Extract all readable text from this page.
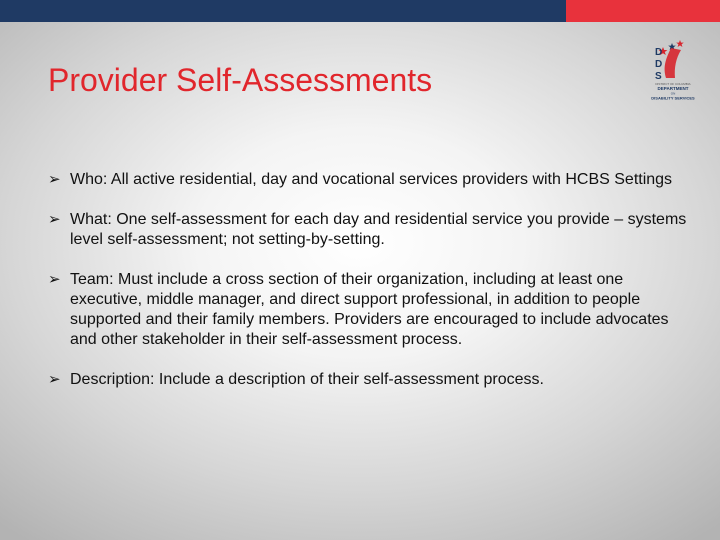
Provider Self-Assessments
D
D
S
DISTRICT OF COLUMBIA
DEPARTMENT
ON
DISABILITY SERVICES
➢ Who: All active residential, day and vocational services providers with HCBS Settings
➢ What: One self-assessment for each day and residential service you provide – systems level self-assessment; not setting-by-setting.
➢ Team: Must include a cross section of their organization, including at least one executive, middle manager, and direct support professional, in addition to people supported and their family members. Providers are encouraged to include advocates and other stakeholder in their self-assessment process.
➢ Description: Include a description of their self-assessment process.
